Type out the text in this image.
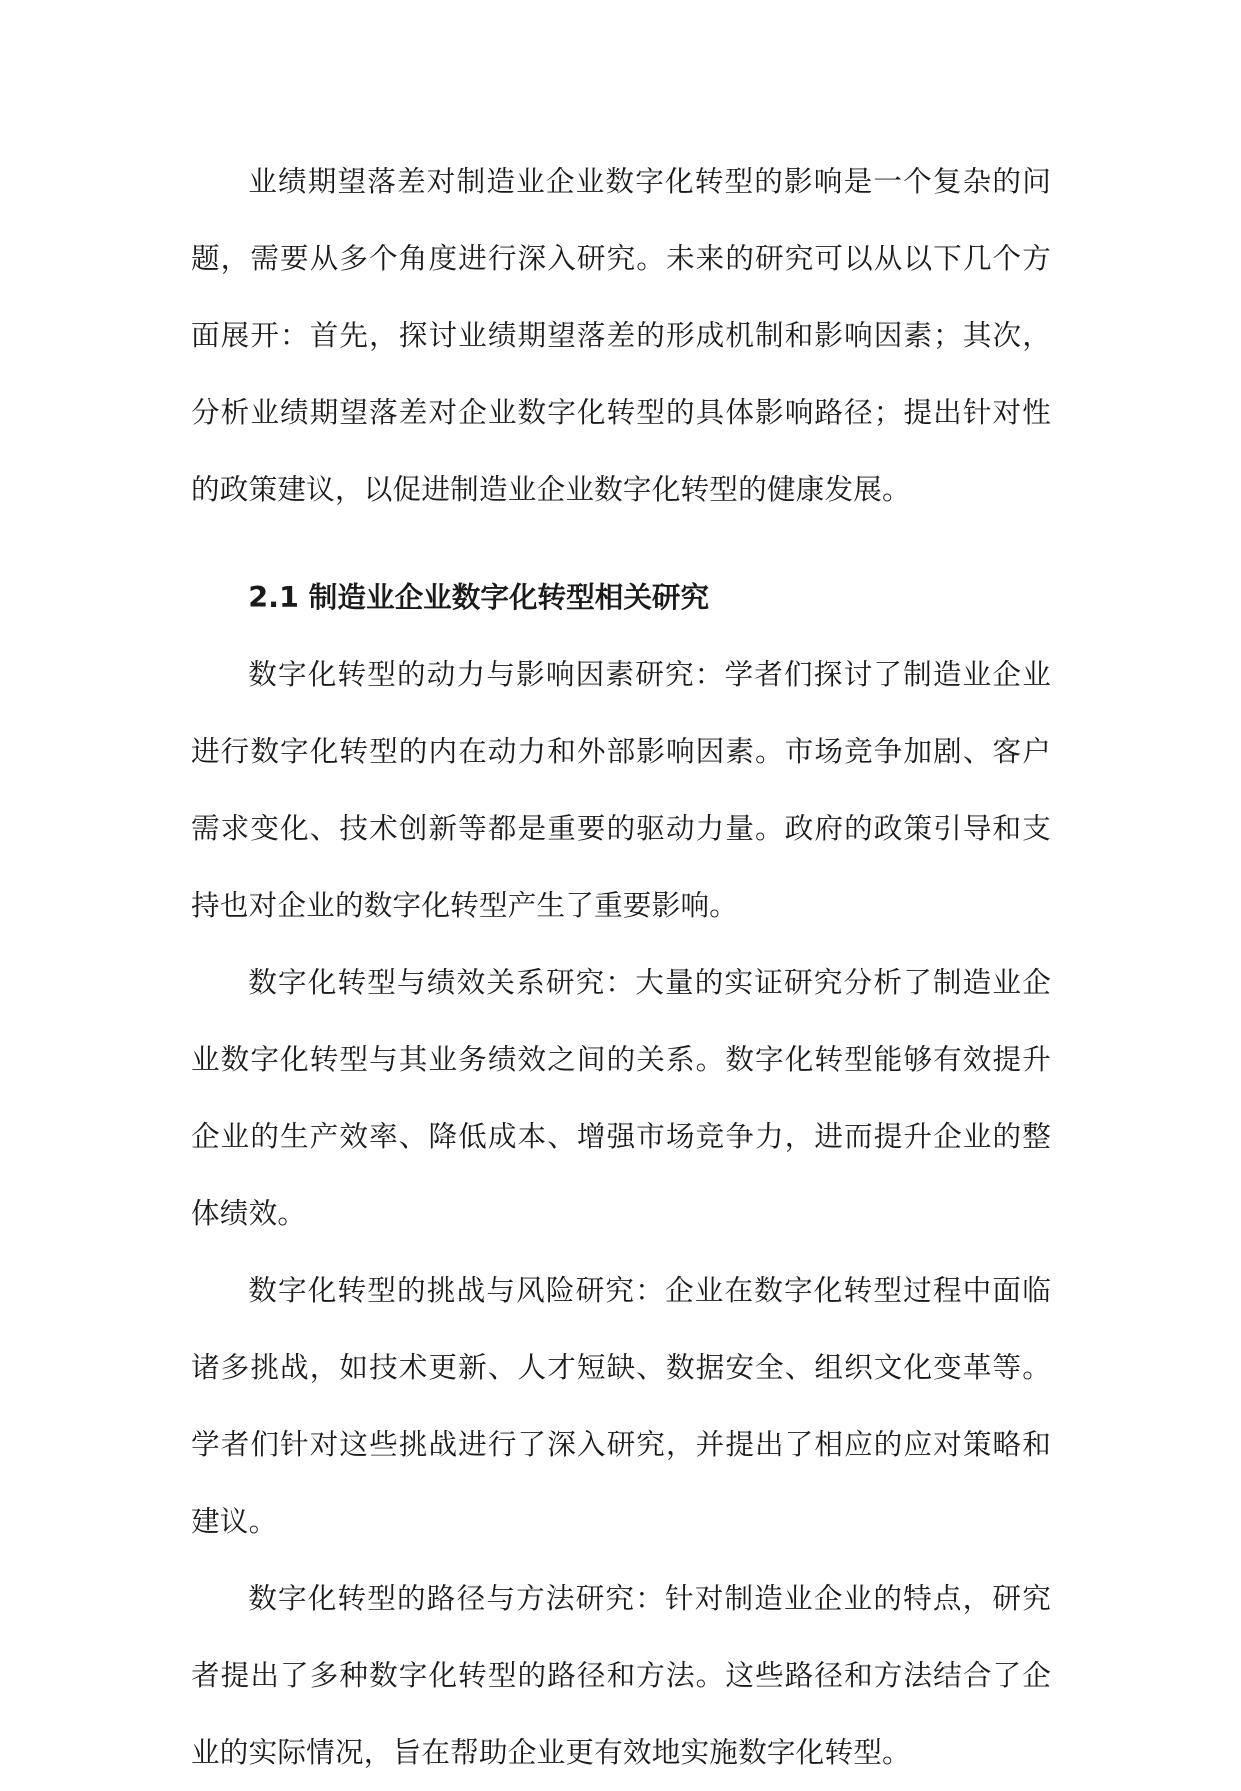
业绩期望落差对制造业企业数字化转型的影响是一个复杂的问题，需要从多个角度进行深入研究。未来的研究可以从以下几个方面展开：首先，探讨业绩期望落差的形成机制和影响因素；其次，分析业绩期望落差对企业数字化转型的具体影响路径；提出针对性的政策建议，以促进制造业企业数字化转型的健康发展。

2.1 制造业企业数字化转型相关研究

数字化转型的动力与影响因素研究：学者们探讨了制造业企业进行数字化转型的内在动力和外部影响因素。市场竞争加剧、客户需求变化、技术创新等都是重要的驱动力量。政府的政策引导和支持也对企业的数字化转型产生了重要影响。

数字化转型与绩效关系研究：大量的实证研究分析了制造业企业数字化转型与其业务绩效之间的关系。数字化转型能够有效提升企业的生产效率、降低成本、增强市场竞争力，进而提升企业的整体绩效。

数字化转型的挑战与风险研究：企业在数字化转型过程中面临诸多挑战，如技术更新、人才短缺、数据安全、组织文化变革等。学者们针对这些挑战进行了深入研究，并提出了相应的应对策略和建议。

数字化转型的路径与方法研究：针对制造业企业的特点，研究者提出了多种数字化转型的路径和方法。这些路径和方法结合了企业的实际情况，旨在帮助企业更有效地实施数字化转型。
